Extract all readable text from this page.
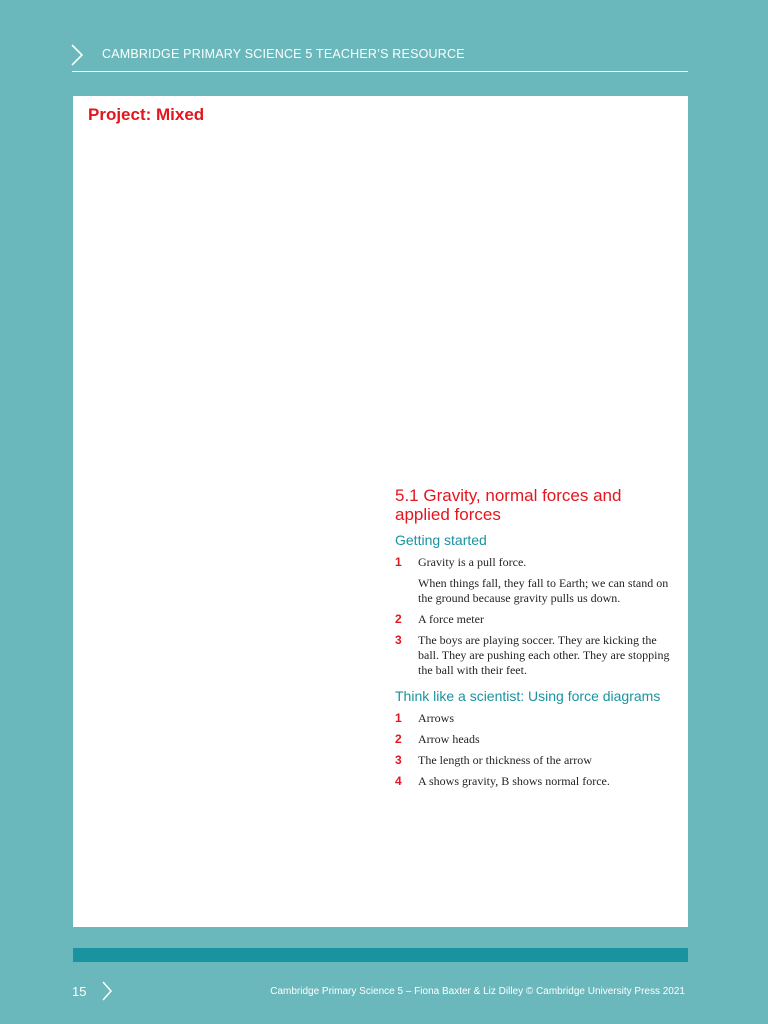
CAMBRIDGE PRIMARY SCIENCE 5 TEACHER’S RESOURCE
Project: Mixed
5.1 Gravity, normal forces and applied forces
Getting started
1 Gravity is a pull force.
When things fall, they fall to Earth; we can stand on the ground because gravity pulls us down.
2 A force meter
3 The boys are playing soccer. They are kicking the ball. They are pushing each other. They are stopping the ball with their feet.
Think like a scientist: Using force diagrams
1 Arrows
2 Arrow heads
3 The length or thickness of the arrow
4 A shows gravity, B shows normal force.
15	Cambridge Primary Science 5 – Fiona Baxter & Liz Dilley © Cambridge University Press 2021
